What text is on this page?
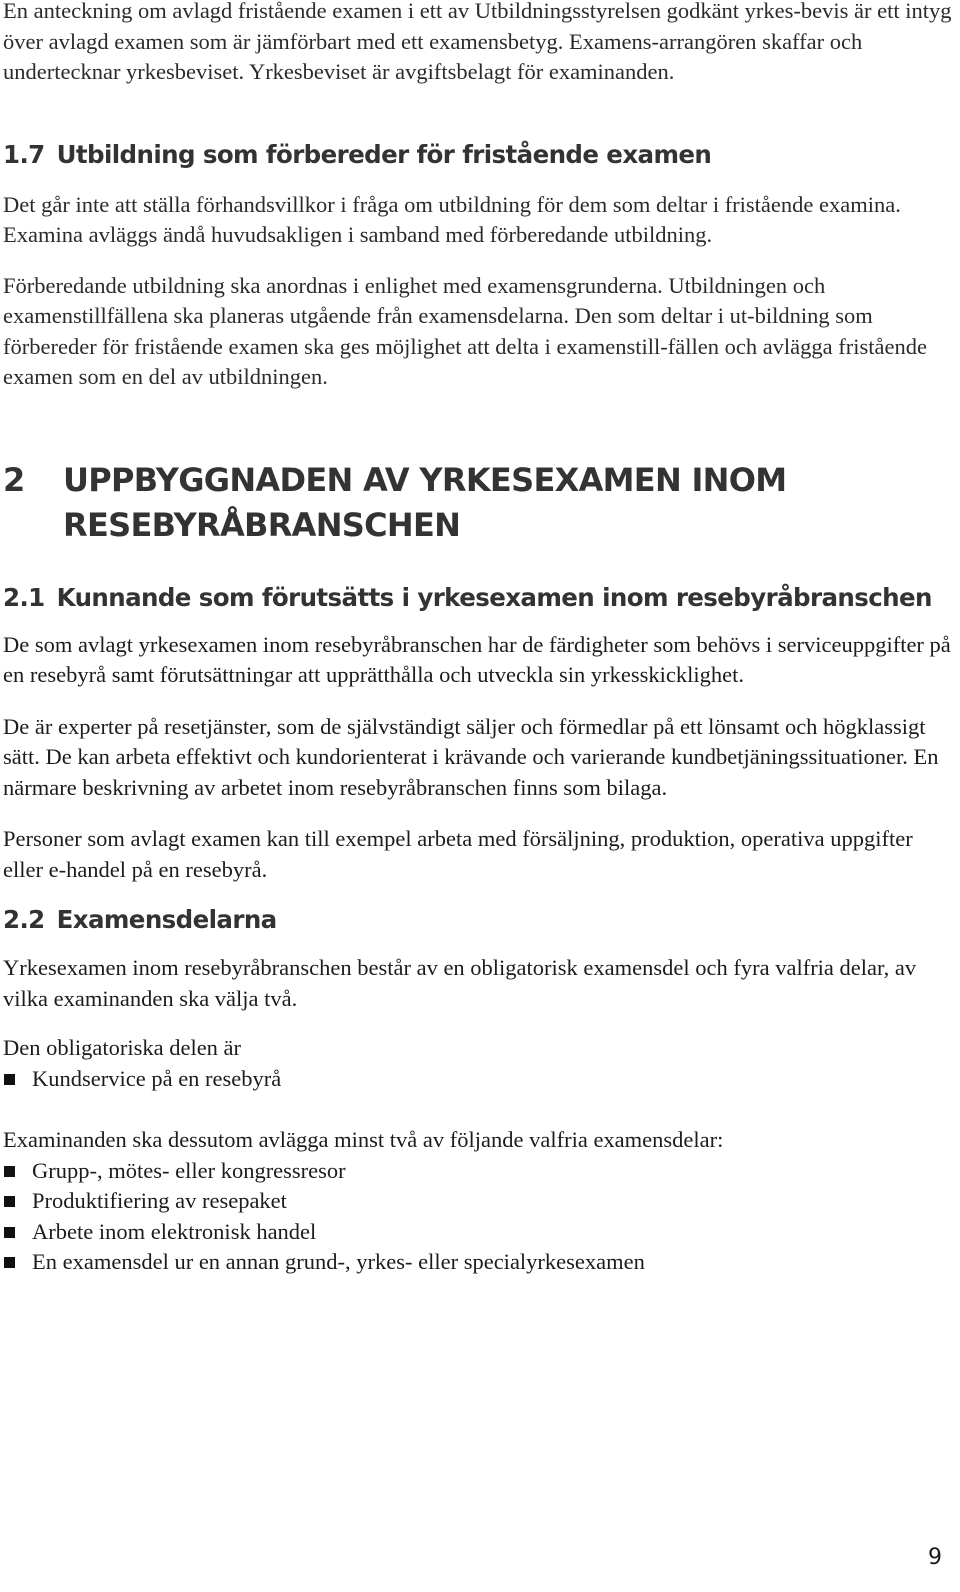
En anteckning om avlagd fristående examen i ett av Utbildningsstyrelsen godkänt yrkes-bevis är ett intyg över avlagd examen som är jämförbart med ett examensbetyg. Examens-arrangören skaffar och undertecknar yrkesbeviset. Yrkesbeviset är avgiftsbelagt för examinanden.

1.7 Utbildning som förbereder för fristående examen

Det går inte att ställa förhandsvillkor i fråga om utbildning för dem som deltar i fristående examina. Examina avläggs ändå huvudsakligen i samband med förberedande utbildning.

Förberedande utbildning ska anordnas i enlighet med examensgrunderna. Utbildningen och examenstillfällena ska planeras utgående från examensdelarna. Den som deltar i ut-bildning som förbereder för fristående examen ska ges möjlighet att delta i examenstill-fällen och avlägga fristående examen som en del av utbildningen.

2	UPPBYGGNADEN AV YRKESEXAMEN INOM
RESEBYRÅBRANSCHEN
2.1 Kunnande som förutsätts i yrkesexamen inom resebyråbranschen

De som avlagt yrkesexamen inom resebyråbranschen har de färdigheter som behövs i serviceuppgifter på en resebyrå samt förutsättningar att upprätthålla och utveckla sin yrkesskicklighet.

De är experter på resetjänster, som de självständigt säljer och förmedlar på ett lönsamt och högklassigt sätt. De kan arbeta effektivt och kundorienterat i krävande och varierande kundbetjäningssituationer. En närmare beskrivning av arbetet inom resebyråbranschen finns som bilaga.

Personer som avlagt examen kan till exempel arbeta med försäljning, produktion, operativa uppgifter eller e-handel på en resebyrå.

2.2 Examensdelarna

Yrkesexamen inom resebyråbranschen består av en obligatorisk examensdel och fyra valfria delar, av vilka examinanden ska välja två.

Den obligatoriska delen är

Kundservice på en resebyrå

Examinanden ska dessutom avlägga minst två av följande valfria examensdelar:

Grupp-, mötes- eller kongressresor
Produktifiering av resepaket
Arbete inom elektronisk handel
En examensdel ur en annan grund-, yrkes- eller specialyrkesexamen
9
